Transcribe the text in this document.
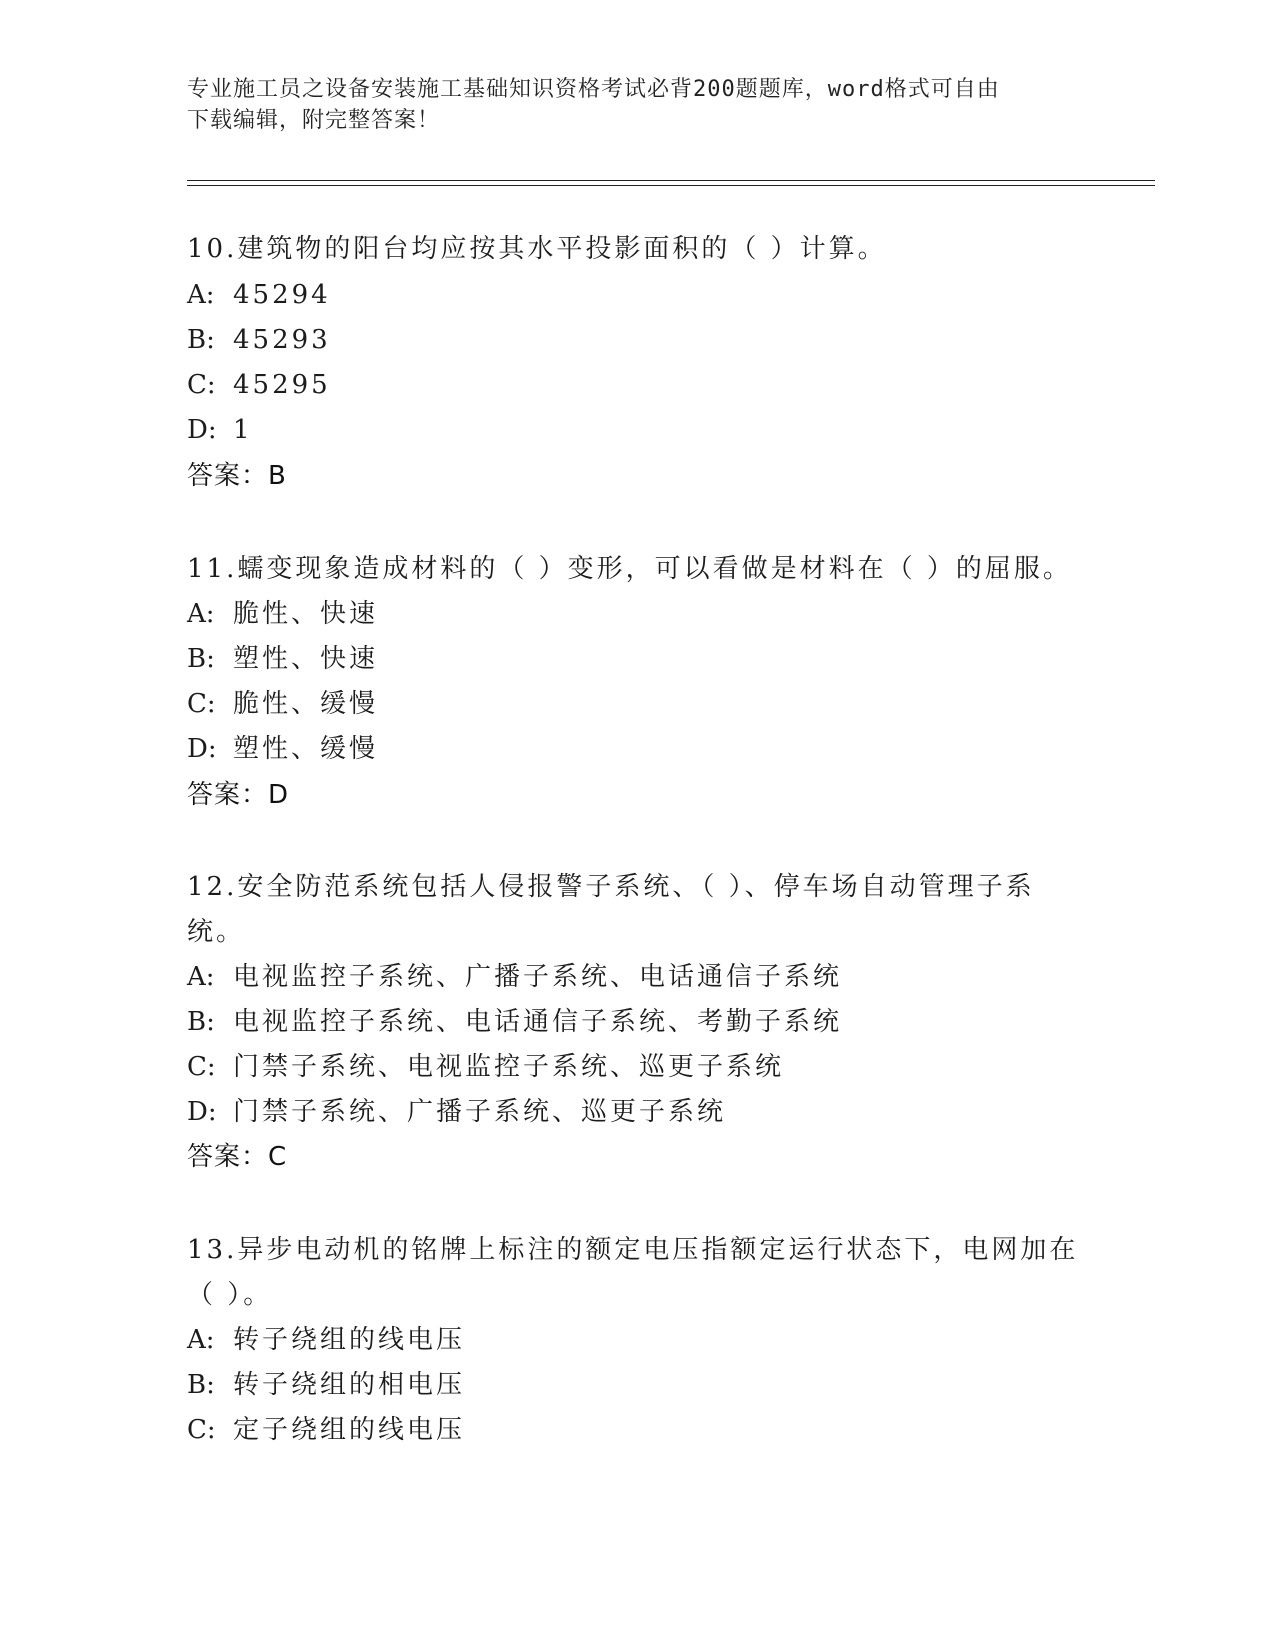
专业施工员之设备安装施工基础知识资格考试必背200题题库，word格式可自由
下载编辑，附完整答案！
10.建筑物的阳台均应按其水平投影面积的（ ）计算。
A: 45294
B: 45293
C: 45295
D: 1
答案：B
11.蠕变现象造成材料的（ ）变形，可以看做是材料在（ ）的屈服。
A: 脆性、快速
B: 塑性、快速
C: 脆性、缓慢
D: 塑性、缓慢
答案：D
12.安全防范系统包括人侵报警子系统、（ ）、停车场自动管理子系
统。
A: 电视监控子系统、广播子系统、电话通信子系统
B: 电视监控子系统、电话通信子系统、考勤子系统
C: 门禁子系统、电视监控子系统、巡更子系统
D: 门禁子系统、广播子系统、巡更子系统
答案：C
13.异步电动机的铭牌上标注的额定电压指额定运行状态下，电网加在
（ ）。
A: 转子绕组的线电压
B: 转子绕组的相电压
C: 定子绕组的线电压
